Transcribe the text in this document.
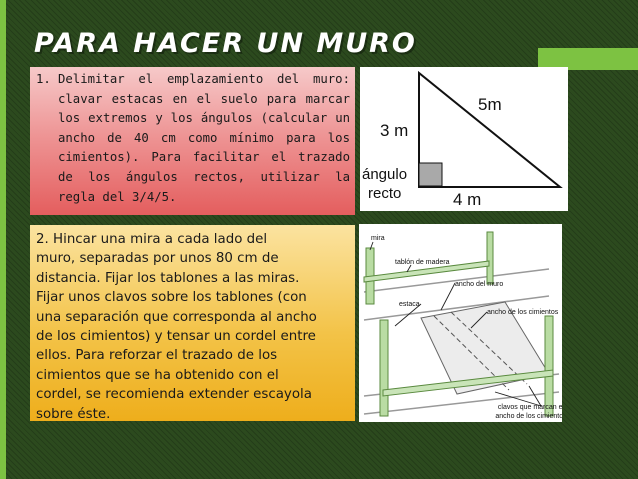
PARA HACER UN MURO
1. Delimitar el emplazamiento del muro: clavar estacas en el suelo para marcar los extremos y los ángulos (calcular un ancho de 40 cm como mínimo para los cimientos). Para facilitar el trazado de los ángulos rectos, utilizar la regla del 3/4/5.
3 m
5m
4 m
ángulo
recto
2. Hincar una mira a cada lado del
muro, separadas por unos 80 cm de
distancia. Fijar los tablones a las miras.
Fijar unos clavos sobre los tablones (con
una separación que corresponda al ancho
de los cimientos) y tensar un cordel entre
ellos. Para reforzar el trazado de los
cimientos que se ha obtenido con el
cordel, se recomienda extender escayola
sobre éste.
mira
tablón de madera
ancho del muro
estaca
ancho de los cimientos
clavos que marcan el
ancho de los cimientos
